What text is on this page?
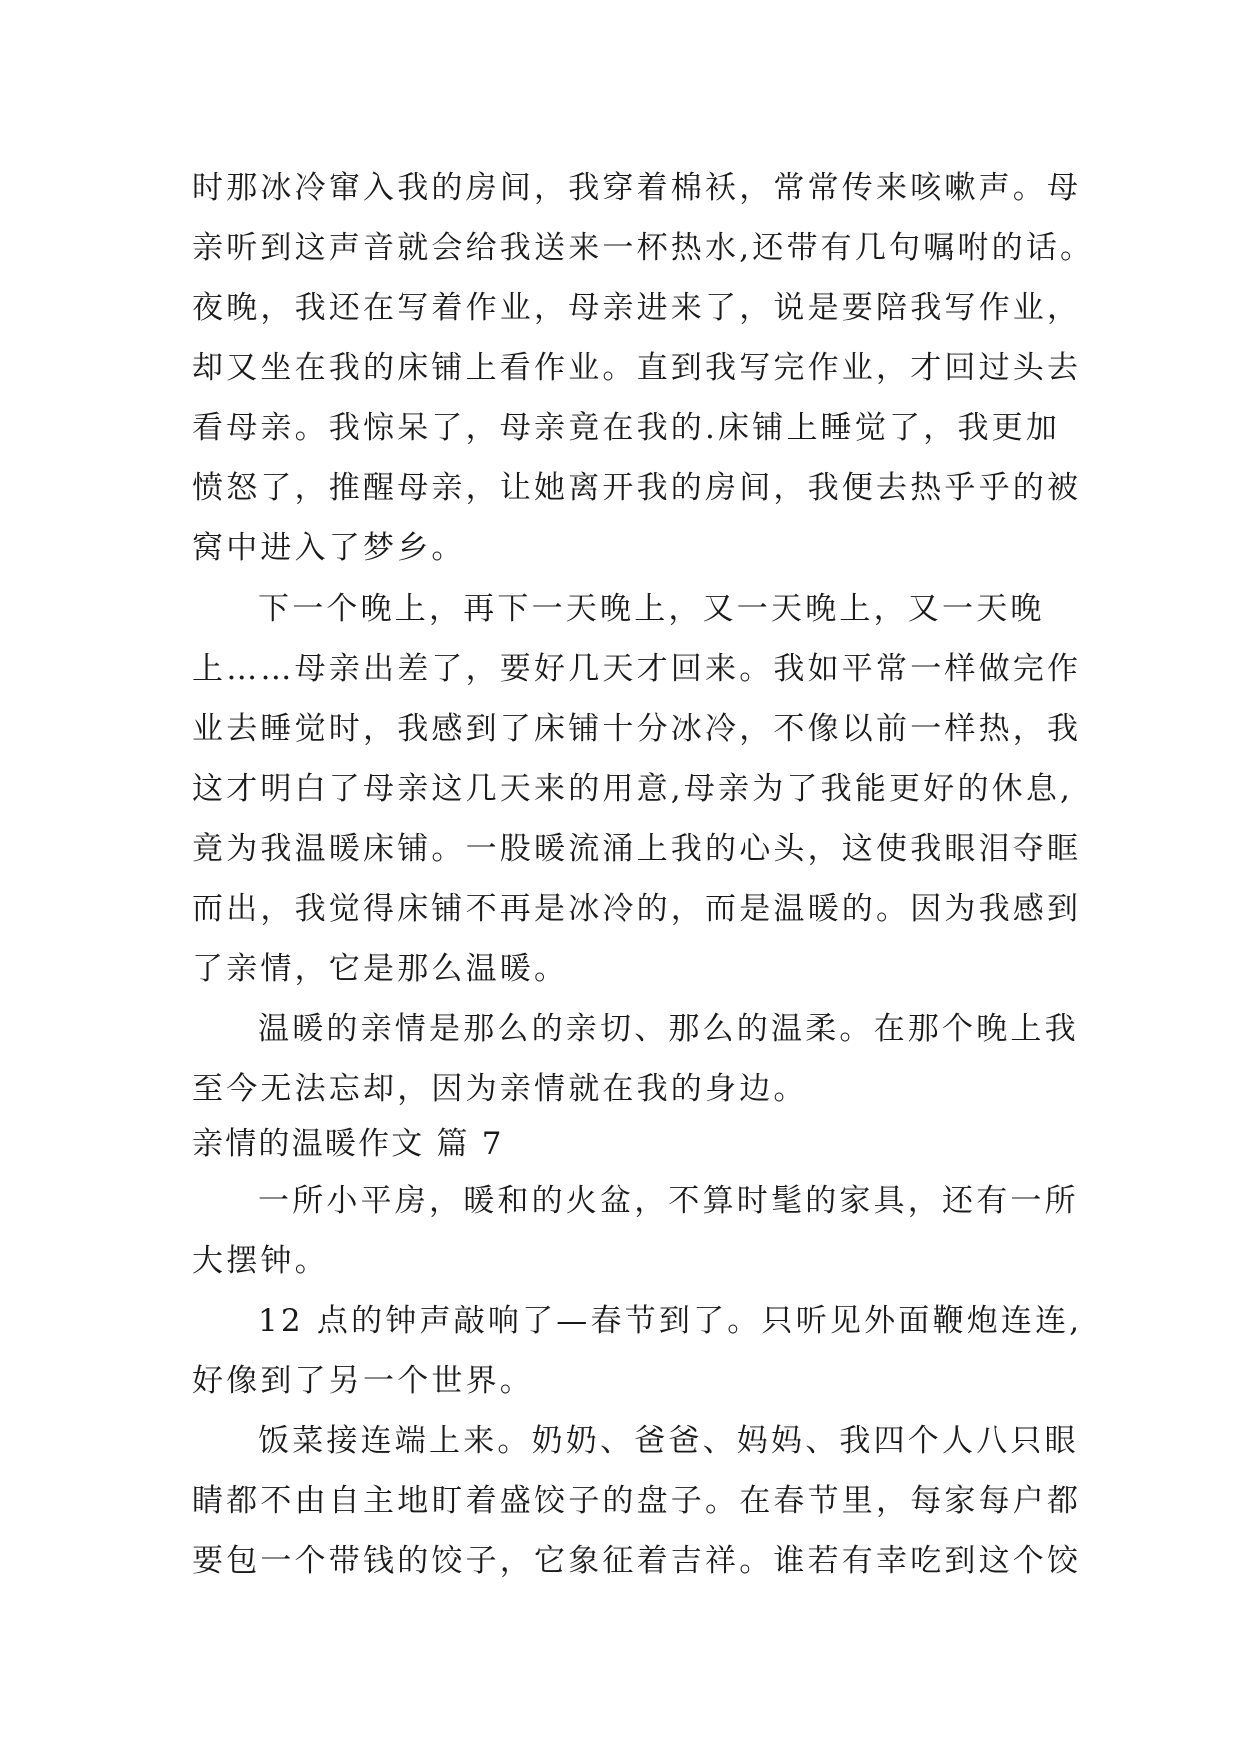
时那冰冷窜入我的房间，我穿着棉袄，常常传来咳嗽声。母
亲听到这声音就会给我送来一杯热水,还带有几句嘱咐的话。
夜晚，我还在写着作业，母亲进来了，说是要陪我写作业，
却又坐在我的床铺上看作业。直到我写完作业，才回过头去
看母亲。我惊呆了，母亲竟在我的.床铺上睡觉了，我更加
愤怒了，推醒母亲，让她离开我的房间，我便去热乎乎的被
窝中进入了梦乡。
下一个晚上，再下一天晚上，又一天晚上，又一天晚
上……母亲出差了，要好几天才回来。我如平常一样做完作
业去睡觉时，我感到了床铺十分冰冷，不像以前一样热，我
这才明白了母亲这几天来的用意,母亲为了我能更好的休息,
竟为我温暖床铺。一股暖流涌上我的心头，这使我眼泪夺眶
而出，我觉得床铺不再是冰冷的，而是温暖的。因为我感到
了亲情，它是那么温暖。
温暖的亲情是那么的亲切、那么的温柔。在那个晚上我
至今无法忘却，因为亲情就在我的身边。
亲情的温暖作文 篇 7
一所小平房，暖和的火盆，不算时髦的家具，还有一所
大摆钟。
12 点的钟声敲响了—春节到了。只听见外面鞭炮连连,
好像到了另一个世界。
饭菜接连端上来。奶奶、爸爸、妈妈、我四个人八只眼
睛都不由自主地盯着盛饺子的盘子。在春节里，每家每户都
要包一个带钱的饺子，它象征着吉祥。谁若有幸吃到这个饺
